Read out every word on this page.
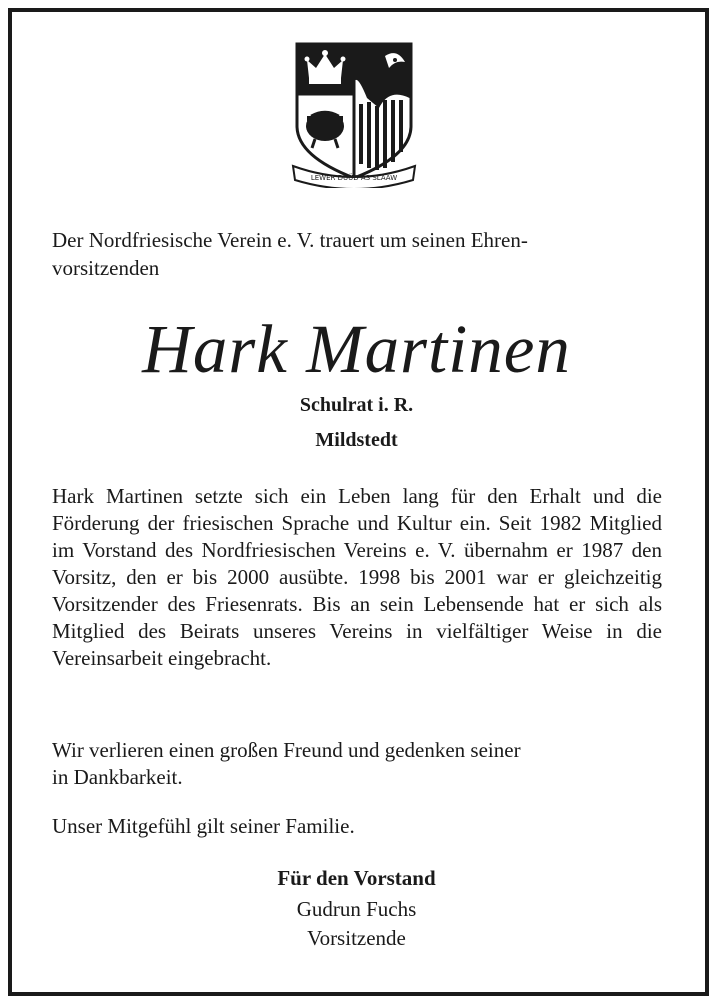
LEWER DÜÜD AS SLAAW
Der Nordfriesische Verein e. V. trauert um seinen Ehren-
vorsitzenden
Hark Martinen
Schulrat i. R.
Mildstedt

Hark Martinen setzte sich ein Leben lang für den Erhalt und die Förderung der friesischen Sprache und Kultur ein. Seit 1982 Mitglied im Vorstand des Nordfriesischen Vereins e. V. übernahm er 1987 den Vorsitz, den er bis 2000 ausübte. 1998 bis 2001 war er gleichzeitig Vorsitzender des Friesenrats. Bis an sein Lebensende hat er sich als Mitglied des Beirats unseres Vereins in vielfältiger Weise in die Vereinsarbeit eingebracht.

Wir verlieren einen großen Freund und gedenken seiner
in Dankbarkeit.

Unser Mitgefühl gilt seiner Familie.

Für den Vorstand
Gudrun Fuchs
Vorsitzende
